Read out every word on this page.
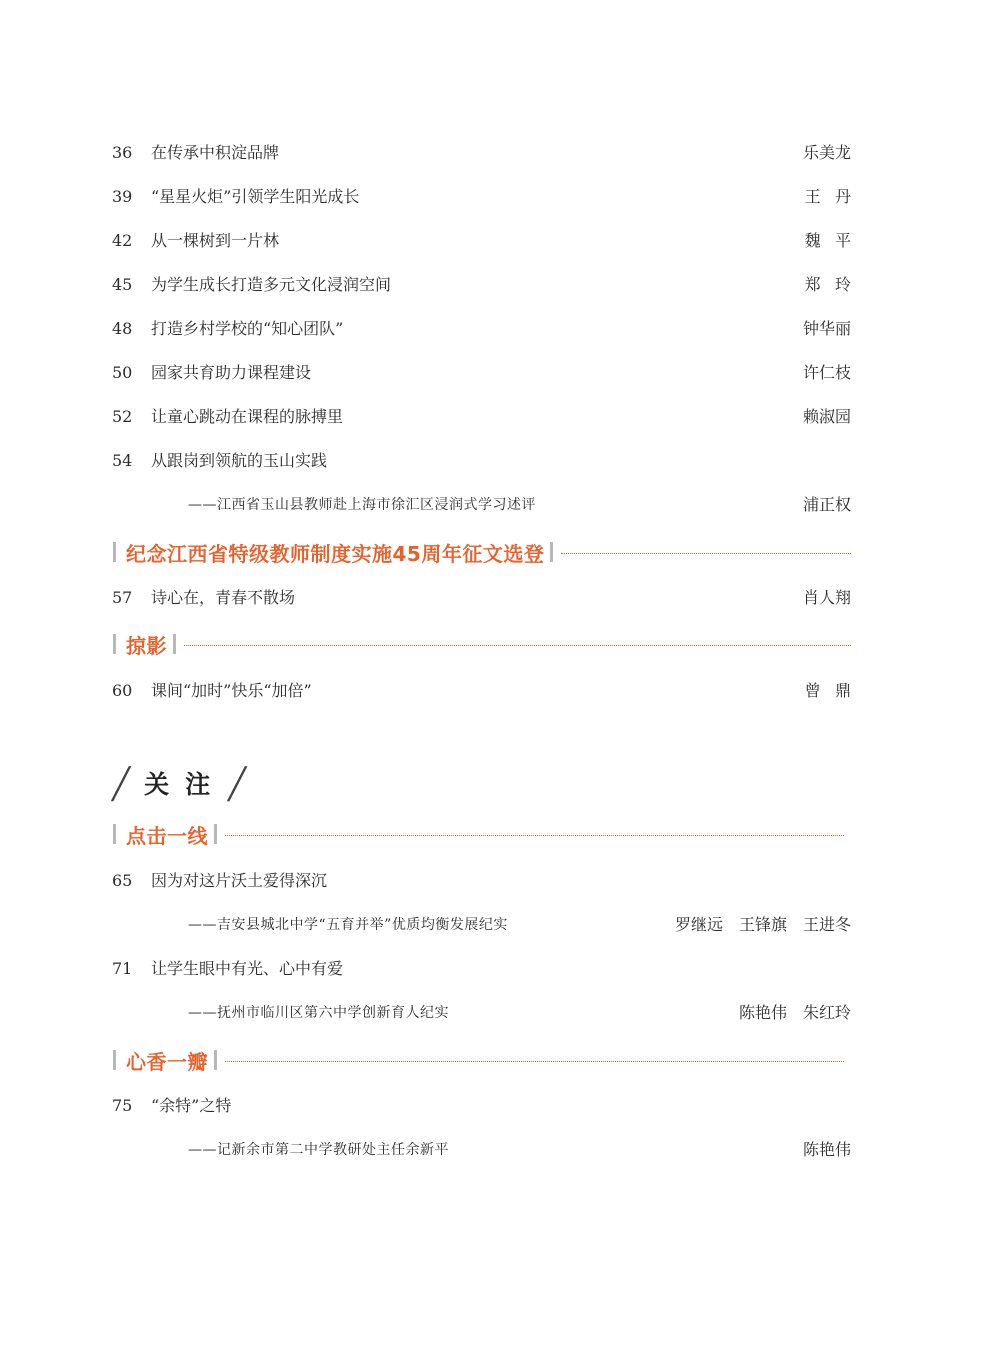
36 在传承中积淀品牌	乐美龙
39 “星星火炬”引领学生阳光成长	王丹
42 从一棵树到一片林	魏平
45 为学生成长打造多元文化浸润空间	郑玲
48 打造乡村学校的“知心团队”	钟华丽
50 园家共育助力课程建设	许仁枝
52 让童心跳动在课程的脉搏里	赖淑园
54 从跟岗到领航的玉山实践
——江西省玉山县教师赴上海市徐汇区浸润式学习述评	浦正权
纪念江西省特级教师制度实施45周年征文选登
57 诗心在，青春不散场	肖人翔
掠影
60 课间“加时”快乐“加倍”	曾鼎
╱ 关注 ╱
点击一线
65 因为对这片沃土爱得深沉
——吉安县城北中学“五育并举”优质均衡发展纪实	罗继远　王锋旗　王进冬
71 让学生眼中有光、心中有爱
——抚州市临川区第六中学创新育人纪实	陈艳伟　朱红玲
心香一瓣
75 “余特”之特
——记新余市第二中学教研处主任余新平	陈艳伟
